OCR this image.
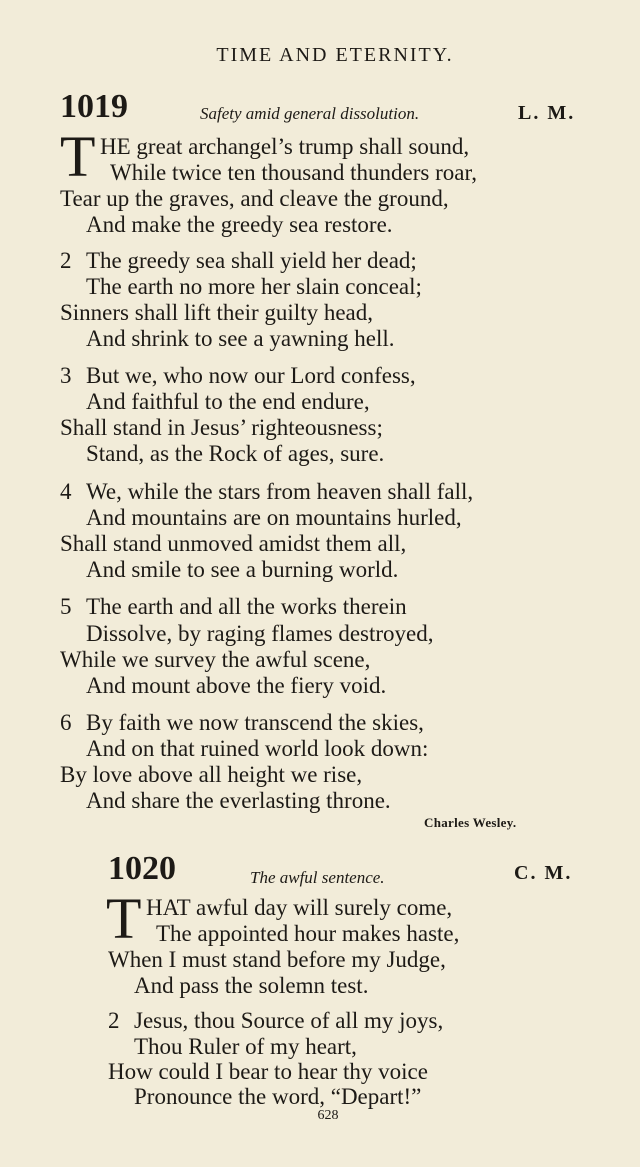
TIME AND ETERNITY.
1019	Safety amid general dissolution.	L. M.
T HE great archangel’s trump shall sound,
While twice ten thousand thunders roar,
Tear up the graves, and cleave the ground,
And make the greedy sea restore.
2 The greedy sea shall yield her dead;
The earth no more her slain conceal;
Sinners shall lift their guilty head,
And shrink to see a yawning hell.
3 But we, who now our Lord confess,
And faithful to the end endure,
Shall stand in Jesus’ righteousness;
Stand, as the Rock of ages, sure.
4 We, while the stars from heaven shall fall,
And mountains are on mountains hurled,
Shall stand unmoved amidst them all,
And smile to see a burning world.
5 The earth and all the works therein
Dissolve, by raging flames destroyed,
While we survey the awful scene,
And mount above the fiery void.
6 By faith we now transcend the skies,
And on that ruined world look down:
By love above all height we rise,
And share the everlasting throne.
Charles Wesley.
1020	The awful sentence.	C. M.
T HAT awful day will surely come,
The appointed hour makes haste,
When I must stand before my Judge,
And pass the solemn test.
2 Jesus, thou Source of all my joys,
Thou Ruler of my heart,
How could I bear to hear thy voice
Pronounce the word, “Depart!”
628
